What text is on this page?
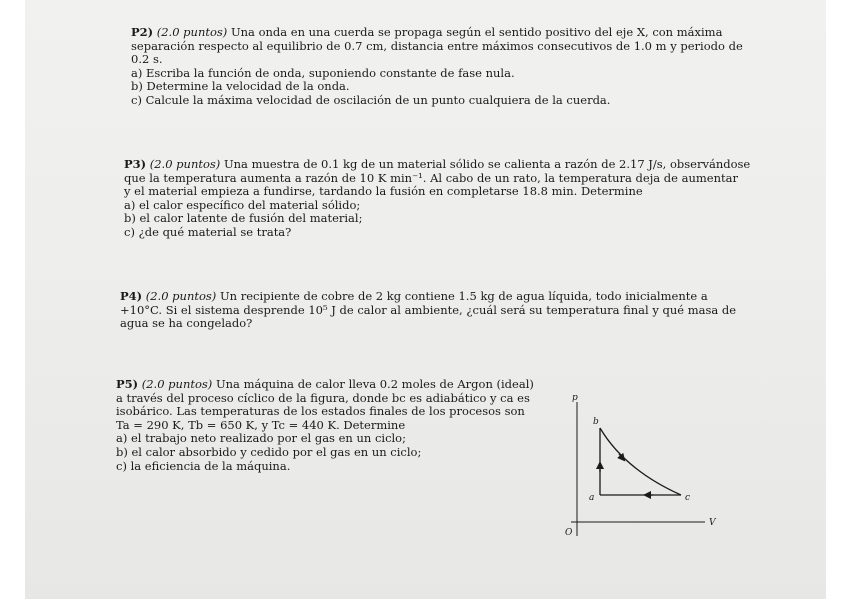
P2) (2.0 puntos) Una onda en una cuerda se propaga según el sentido positivo del eje X, con máxima

separación respecto al equilibrio de 0.7 cm, distancia entre máximos consecutivos de 1.0 m y periodo de

0.2 s.

a) Escriba la función de onda, suponiendo constante de fase nula.

b) Determine la velocidad de la onda.

c) Calcule la máxima velocidad de oscilación de un punto cualquiera de la cuerda.

P3) (2.0 puntos) Una muestra de 0.1 kg de un material sólido se calienta a razón de 2.17 J/s, observándose

que la temperatura aumenta a razón de 10 K min⁻¹. Al cabo de un rato, la temperatura deja de aumentar

y el material empieza a fundirse, tardando la fusión en completarse 18.8 min. Determine

a) el calor específico del material sólido;

b) el calor latente de fusión del material;

c) ¿de qué material se trata?

P4) (2.0 puntos) Un recipiente de cobre de 2 kg contiene 1.5 kg de agua líquida, todo inicialmente a

+10°C. Si el sistema desprende 10⁵ J de calor al ambiente, ¿cuál será su temperatura final y qué masa de

agua se ha congelado?

P5) (2.0 puntos) Una máquina de calor lleva 0.2 moles de Argon (ideal)

a través del proceso cíclico de la figura, donde bc es adiabático y ca es

isobárico. Las temperaturas de los estados finales de los procesos son

Ta = 290 K, Tb = 650 K, y Tc = 440 K. Determine

a) el trabajo neto realizado por el gas en un ciclo;

b) el calor absorbido y cedido por el gas en un ciclo;

c) la eficiencia de la máquina.

p
V
O
a
b
c
